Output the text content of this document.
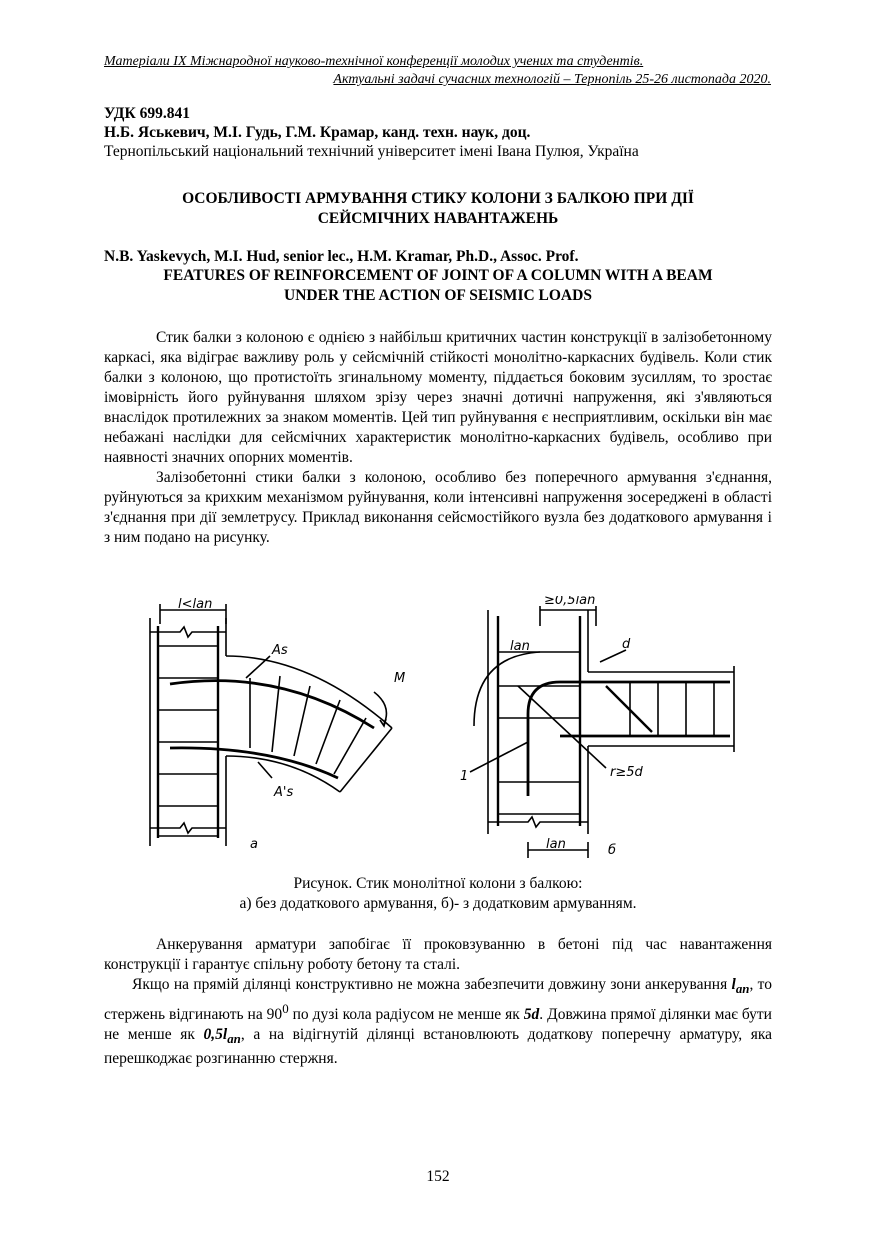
Матеріали IX Міжнародної науково-технічної конференції молодих учених та студентів.
Актуальні задачі сучасних технологій – Тернопіль 25-26 листопада 2020.
УДК 699.841
Н.Б. Яськевич, М.І. Гудь, Г.М. Крамар, канд. техн. наук, доц.
Тернопільський національний технічний університет імені Івана Пулюя, Україна
ОСОБЛИВОСТІ АРМУВАННЯ СТИКУ КОЛОНИ З БАЛКОЮ ПРИ ДІЇ
СЕЙСМІЧНИХ НАВАНТАЖЕНЬ
N.B. Yaskevych, M.I. Hud, senior lec., H.M. Kramar, Ph.D., Assoc. Prof.
FEATURES OF REINFORCEMENT OF JOINT OF A COLUMN WITH A BEAM
UNDER THE ACTION OF SEISMIC LOADS

Стик балки з колоною є однією з найбільш критичних частин конструкції в залізобетонному каркасі, яка відіграє важливу роль у сейсмічній стійкості монолітно-каркасних будівель. Коли стик балки з колоною, що протистоїть згинальному моменту, піддається боковим зусиллям, то зростає імовірність його руйнування шляхом зрізу через значні дотичні напруження, які з'являються внаслідок протилежних за знаком моментів. Цей тип руйнування є несприятливим, оскільки він має небажані наслідки для сейсмічних характеристик монолітно-каркасних будівель, особливо при наявності значних опорних моментів.

Залізобетонні стики балки з колоною, особливо без поперечного армування з'єднання, руйнуються за крихким механізмом руйнування, коли інтенсивні напруження зосереджені в області з'єднання при дії землетрусу. Приклад виконання сейсмостійкого вузла без додаткового армування і з ним подано на рисунку.

l<lan
As
A's
M
а
≥0,5lan
lan	d
r≥5d
1
lan	б
Рисунок. Стик монолітної колони з балкою:
а) без додаткового армування, б)- з додатковим армуванням.

Анкерування арматури запобігає її проковзуванню в бетоні під час навантаження конструкції і гарантує спільну роботу бетону та сталі.

Якщо на прямій ділянці конструктивно не можна забезпечити довжину зони анкерування $l_{an}$, то стержень відгинають на $90^0$ по дузі кола радіусом не менше як 5d. Довжина прямої ділянки має бути не менше як $0,5l_{an}$, а на відігнутій ділянці встановлюють додаткову поперечну арматуру, яка перешкоджає розгинанню стержня.

152
